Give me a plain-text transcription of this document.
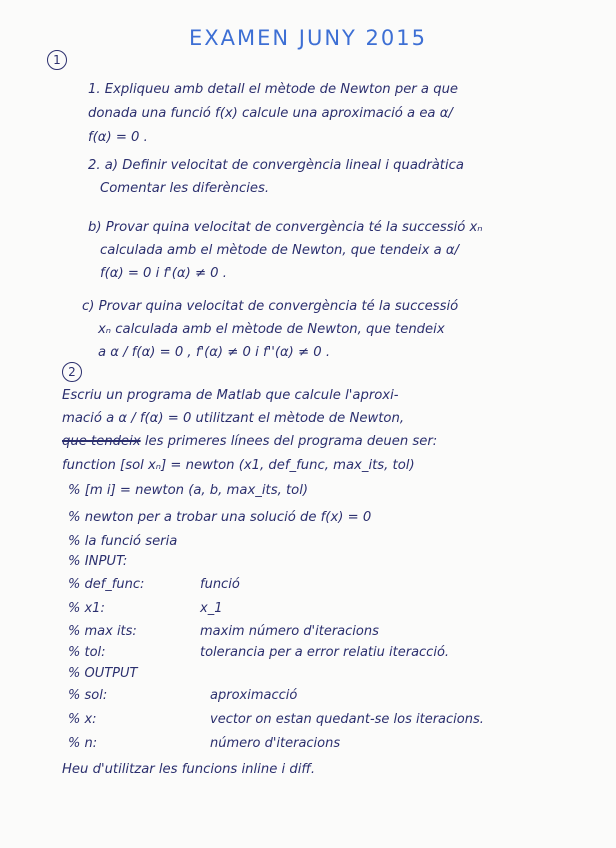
EXAMEN JUNY 2015
1
1. Expliqueu amb detall el mètode de Newton per a que
donada una funció f(x) calcule una aproximació a ea α/
f(α) = 0 .
2. a) Definir velocitat de convergència lineal i quadràtica
Comentar les diferències.
b) Provar quina velocitat de convergència té la successió xₙ
calculada amb el mètode de Newton, que tendeix a α/
f(α) = 0 i f'(α) ≠ 0 .
c) Provar quina velocitat de convergència té la successió
xₙ calculada amb el mètode de Newton, que tendeix
a α / f(α) = 0 , f'(α) ≠ 0 i f''(α) ≠ 0 .
2
Escriu un programa de Matlab que calcule l'aproxi-
mació a α / f(α) = 0 utilitzant el mètode de Newton,
que tendeix les primeres línees del programa deuen ser:
function [sol xₙ] = newton (x1, def_func, max_its, tol)
% [m i] = newton (a, b, max_its, tol)
% newton per a trobar una solució de f(x) = 0
% la funció seria
% INPUT:
% def_func:	funció
% x1:	x_1
% max its:	maxim número d'iteracions
% tol:	tolerancia per a error relatiu iteracció.
% OUTPUT
% sol:	aproximacció
% x:	vector on estan quedant-se los iteracions.
% n:	número d'iteracions
Heu d'utilitzar les funcions inline i diff.
